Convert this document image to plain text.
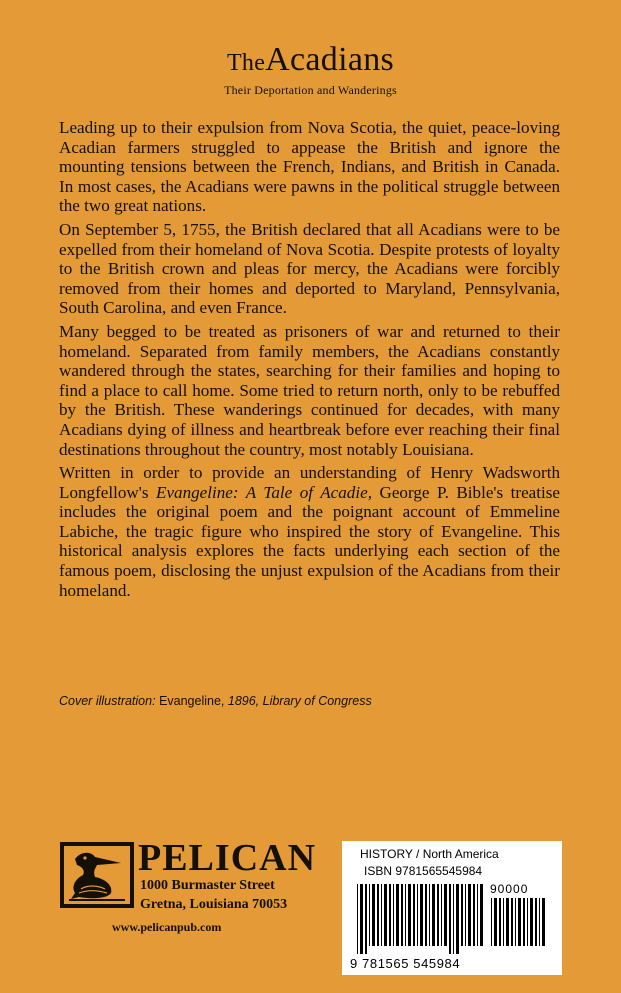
TheAcadians
Their Deportation and Wanderings

Leading up to their expulsion from Nova Scotia, the quiet, peace-loving Acadian farmers struggled to appease the British and ignore the mounting tensions between the French, Indians, and British in Canada. In most cases, the Acadians were pawns in the political struggle between the two great nations.

On September 5, 1755, the British declared that all Acadians were to be expelled from their homeland of Nova Scotia. Despite protests of loyalty to the British crown and pleas for mercy, the Acadians were forcibly removed from their homes and deported to Maryland, Pennsylvania, South Carolina, and even France.

Many begged to be treated as prisoners of war and returned to their homeland. Separated from family members, the Acadians constantly wandered through the states, searching for their families and hoping to find a place to call home. Some tried to return north, only to be rebuffed by the British. These wanderings continued for decades, with many Acadians dying of illness and heartbreak before ever reaching their final destinations throughout the country, most notably Louisiana.

Written in order to provide an understanding of Henry Wadsworth Longfellow's Evangeline: A Tale of Acadie, George P. Bible's treatise includes the original poem and the poignant account of Emmeline Labiche, the tragic figure who inspired the story of Evangeline. This historical analysis explores the facts underlying each section of the famous poem, disclosing the unjust expulsion of the Acadians from their homeland.

Cover illustration: Evangeline, 1896, Library of Congress
PELICAN
1000 Burmaster Street
Gretna, Louisiana 70053
www.pelicanpub.com
HISTORY / North America
ISBN 9781565545984
90000
9 781565 545984
